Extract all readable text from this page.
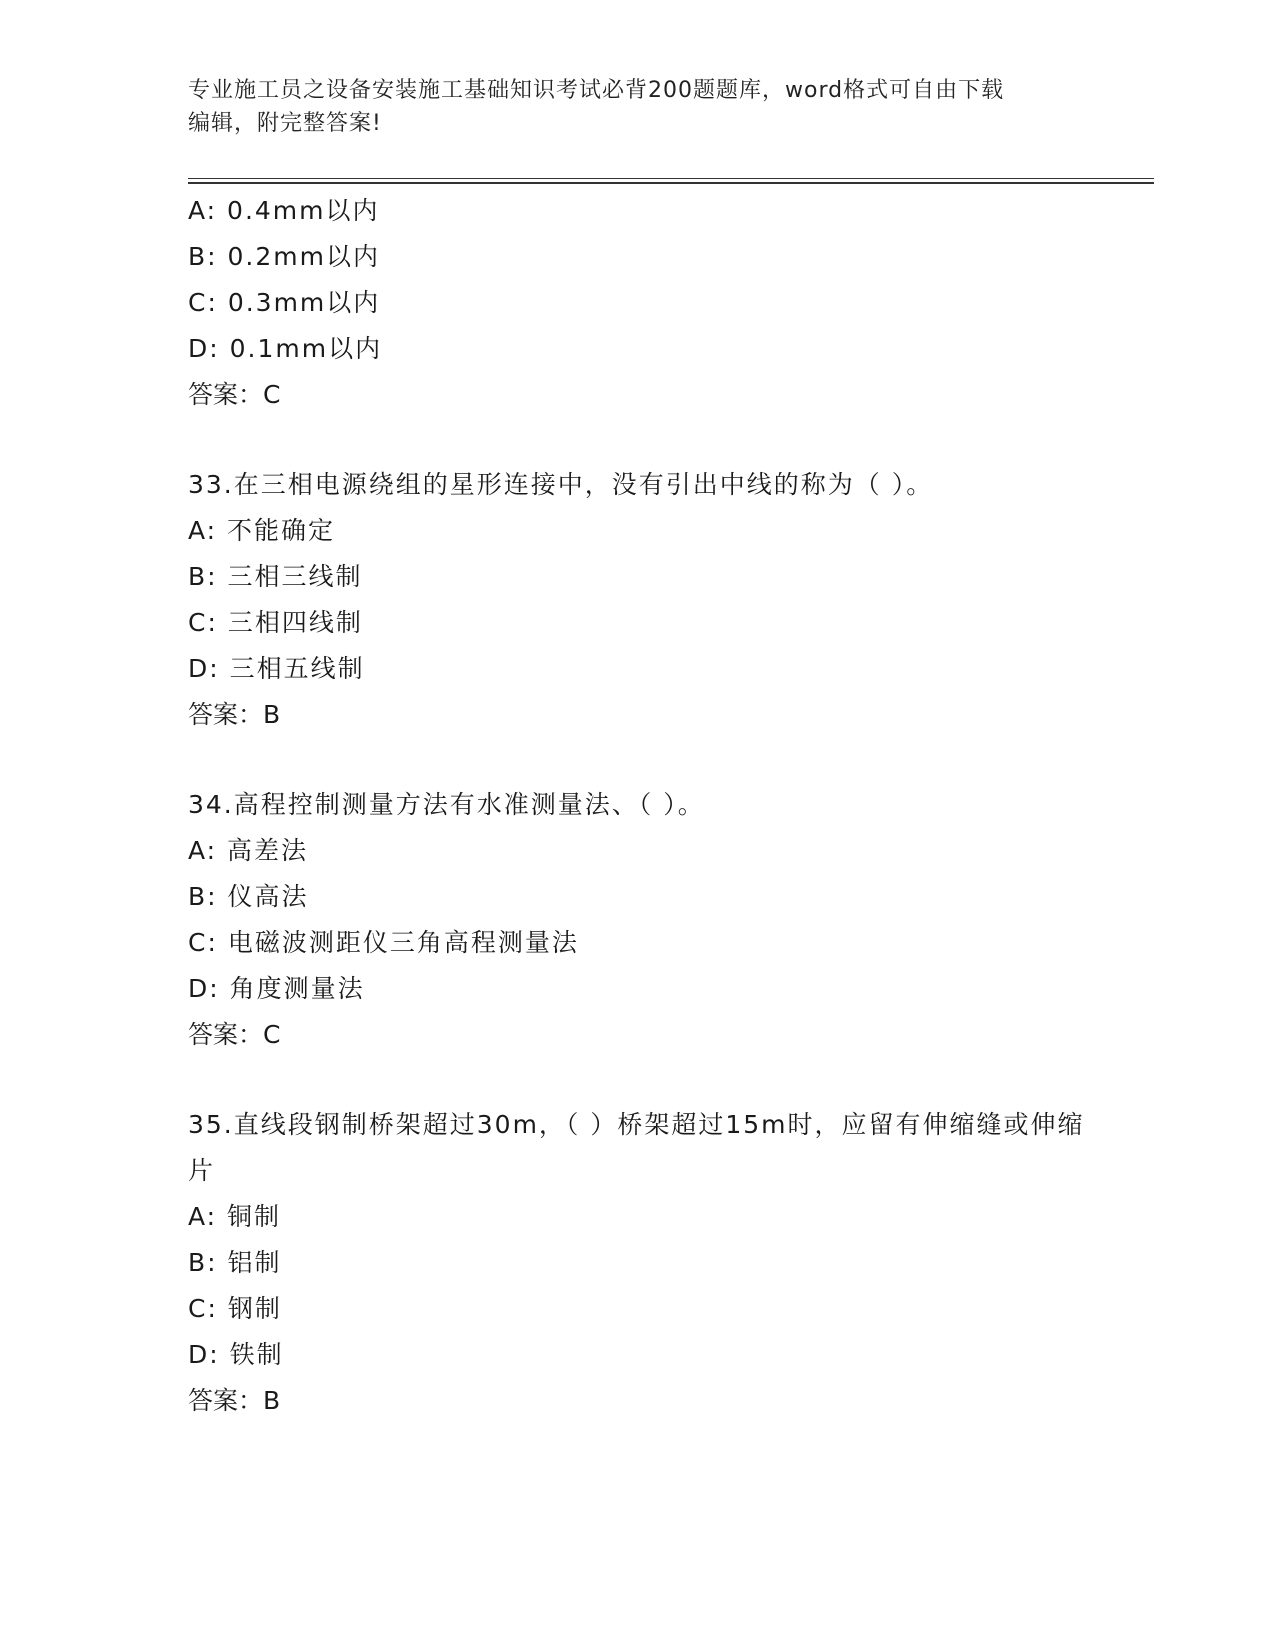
专业施工员之设备安装施工基础知识考试必背200题题库，word格式可自由下载
编辑，附完整答案!
A: 0.4mm以内
B: 0.2mm以内
C: 0.3mm以内
D: 0.1mm以内
答案：C
33.在三相电源绕组的星形连接中，没有引出中线的称为（ ）。
A: 不能确定
B: 三相三线制
C: 三相四线制
D: 三相五线制
答案：B
34.高程控制测量方法有水准测量法、（ ）。
A: 高差法
B: 仪高法
C: 电磁波测距仪三角高程测量法
D: 角度测量法
答案：C
35.直线段钢制桥架超过30m，（ ）桥架超过15m时，应留有伸缩缝或伸缩片
A: 铜制
B: 铝制
C: 钢制
D: 铁制
答案：B
